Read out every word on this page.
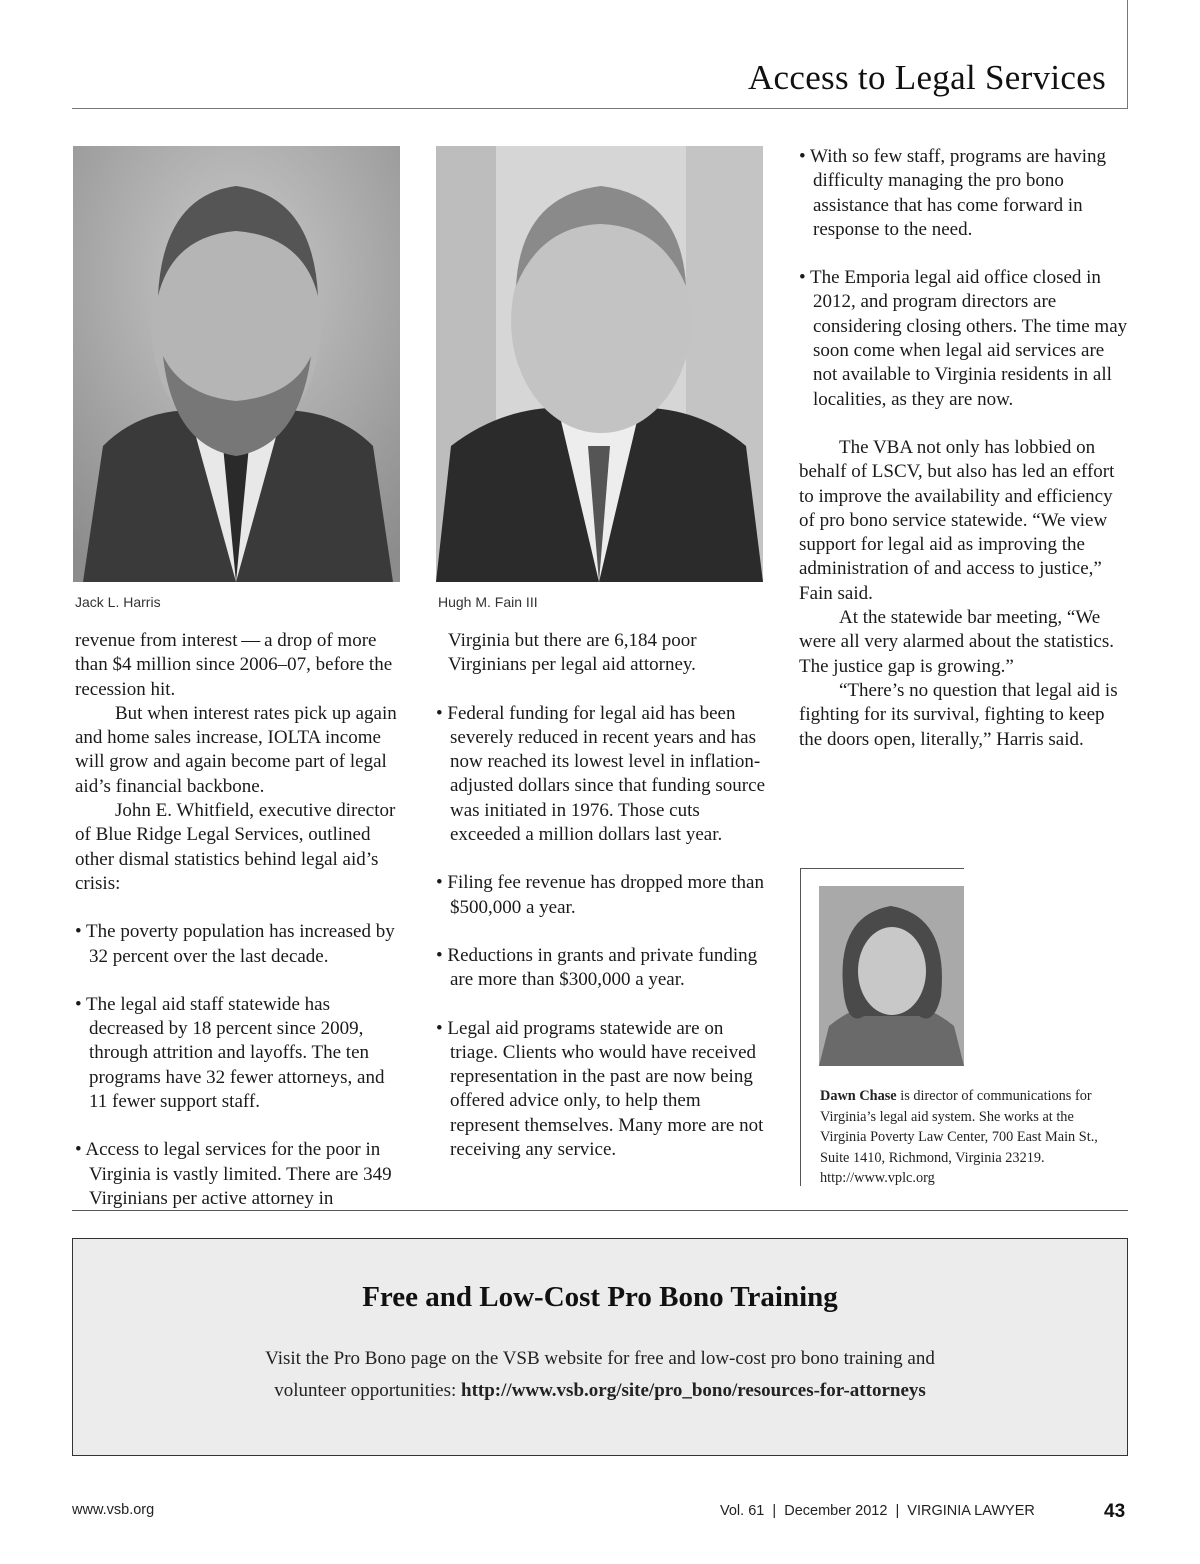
Access to Legal Services
Jack L. Harris	Hugh M. Fain III

revenue from interest — a drop of more than $4 million since 2006–07, before the recession hit.

But when interest rates pick up again and home sales increase, IOLTA income will grow and again become part of legal aid’s financial backbone.

John E. Whitfield, executive director of Blue Ridge Legal Services, outlined other dismal statistics behind legal aid’s crisis:

• The poverty population has increased by 32 percent over the last decade.

• The legal aid staff statewide has decreased by 18 percent since 2009, through attrition and layoffs. The ten programs have 32 fewer attorneys, and 11 fewer support staff.

• Access to legal services for the poor in Virginia is vastly limited. There are 349 Virginians per active attorney in

Virginia but there are 6,184 poor Virginians per legal aid attorney.

• Federal funding for legal aid has been severely reduced in recent years and has now reached its lowest level in inflation-adjusted dollars since that funding source was initiated in 1976. Those cuts exceeded a million dollars last year.

• Filing fee revenue has dropped more than $500,000 a year.

• Reductions in grants and private funding are more than $300,000 a year.

• Legal aid programs statewide are on triage. Clients who would have received representation in the past are now being offered advice only, to help them represent themselves. Many more are not receiving any service.

• With so few staff, programs are having difficulty managing the pro bono assistance that has come forward in response to the need.

• The Emporia legal aid office closed in 2012, and program directors are considering closing others. The time may soon come when legal aid services are not available to Virginia residents in all localities, as they are now.

The VBA not only has lobbied on behalf of LSCV, but also has led an effort to improve the availability and efficiency of pro bono service statewide. “We view support for legal aid as improving the administration of and access to justice,” Fain said.

At the statewide bar meeting, “We were all very alarmed about the statistics. The justice gap is growing.”

“There’s no question that legal aid is fighting for its survival, fighting to keep the doors open, literally,” Harris said.

Dawn Chase is director of communications for Virginia’s legal aid system. She works at the Virginia Poverty Law Center, 700 East Main St., Suite 1410, Richmond, Virginia 23219. http://www.vplc.org
Free and Low-Cost Pro Bono Training
Visit the Pro Bono page on the VSB website for free and low-cost pro bono training and
volunteer opportunities: http://www.vsb.org/site/pro_bono/resources-for-attorneys
www.vsb.org	Vol. 61  |  December 2012  |  VIRGINIA LAWYER	43
